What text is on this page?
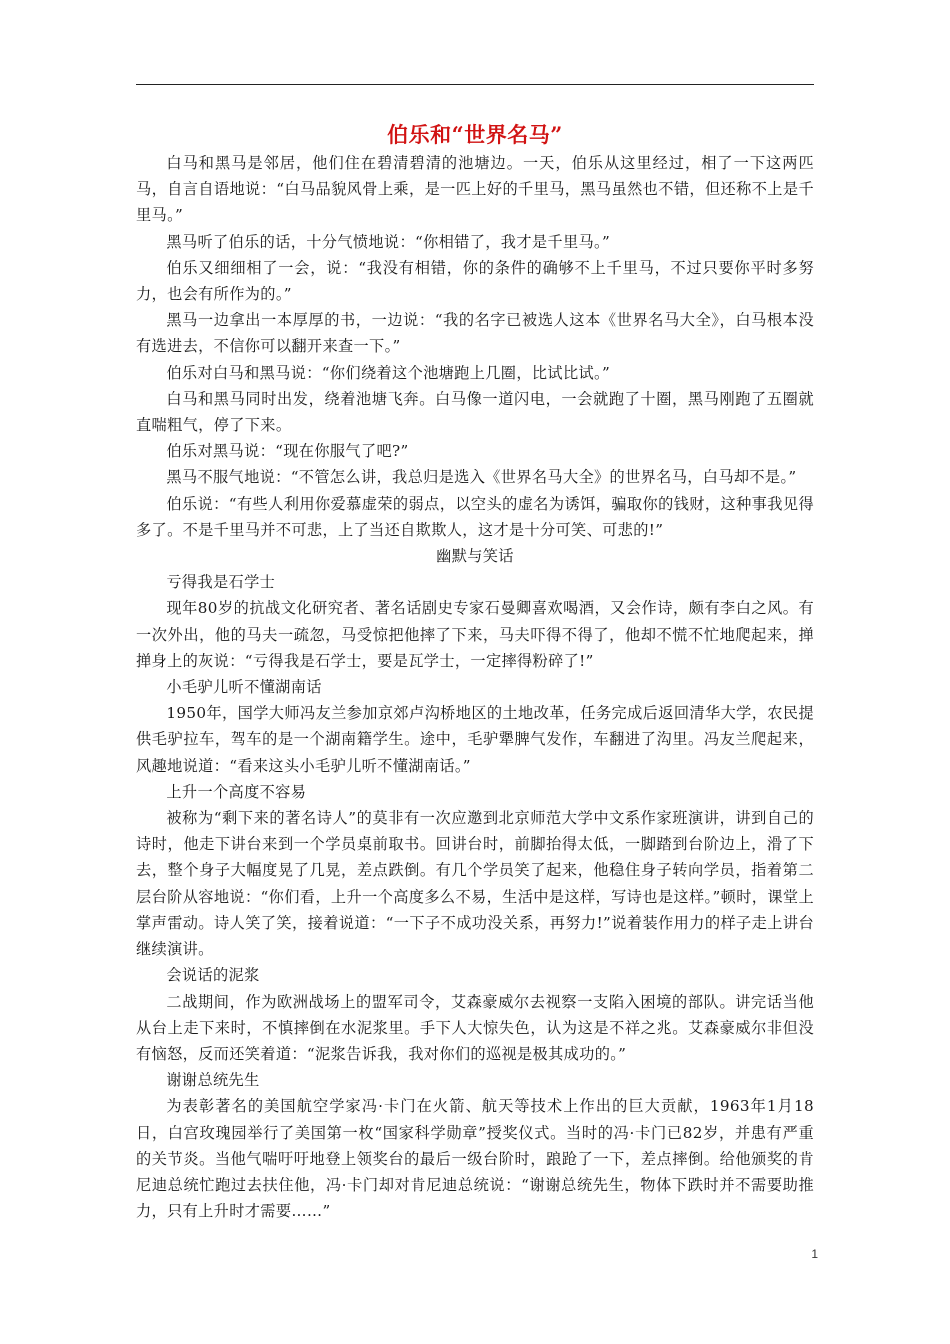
伯乐和“世界名马”

白马和黑马是邻居，他们住在碧清碧清的池塘边。一天，伯乐从这里经过，相了一下这两匹马，自言自语地说：“白马品貌风骨上乘，是一匹上好的千里马，黑马虽然也不错，但还称不上是千里马。”

黑马听了伯乐的话，十分气愤地说：“你相错了，我才是千里马。”

伯乐又细细相了一会，说：“我没有相错，你的条件的确够不上千里马，不过只要你平时多努力，也会有所作为的。”

黑马一边拿出一本厚厚的书，一边说：“我的名字已被选人这本《世界名马大全》，白马根本没有选进去，不信你可以翻开来查一下。”

伯乐对白马和黑马说：“你们绕着这个池塘跑上几圈，比试比试。”

白马和黑马同时出发，绕着池塘飞奔。白马像一道闪电，一会就跑了十圈，黑马刚跑了五圈就直喘粗气，停了下来。

伯乐对黑马说：“现在你服气了吧?”

黑马不服气地说：“不管怎么讲，我总归是选入《世界名马大全》的世界名马，白马却不是。”

伯乐说：“有些人利用你爱慕虚荣的弱点，以空头的虚名为诱饵，骗取你的钱财，这种事我见得多了。不是千里马并不可悲，上了当还自欺欺人，这才是十分可笑、可悲的!”

幽默与笑话

亏得我是石学士

现年80岁的抗战文化研究者、著名话剧史专家石曼卿喜欢喝酒，又会作诗，颇有李白之风。有一次外出，他的马夫一疏忽，马受惊把他摔了下来，马夫吓得不得了，他却不慌不忙地爬起来，掸掸身上的灰说：“亏得我是石学士，要是瓦学士，一定摔得粉碎了!”

小毛驴儿听不懂湖南话

1950年，国学大师冯友兰参加京郊卢沟桥地区的土地改革，任务完成后返回清华大学，农民提供毛驴拉车，驾车的是一个湖南籍学生。途中，毛驴犟脾气发作，车翻进了沟里。冯友兰爬起来，风趣地说道：“看来这头小毛驴儿听不懂湖南话。”

上升一个高度不容易

被称为“剩下来的著名诗人”的莫非有一次应邀到北京师范大学中文系作家班演讲，讲到自己的诗时，他走下讲台来到一个学员桌前取书。回讲台时，前脚抬得太低，一脚踏到台阶边上，滑了下去，整个身子大幅度晃了几晃，差点跌倒。有几个学员笑了起来，他稳住身子转向学员，指着第二层台阶从容地说：“你们看，上升一个高度多么不易，生活中是这样，写诗也是这样。”顿时，课堂上掌声雷动。诗人笑了笑，接着说道：“一下子不成功没关系，再努力!”说着装作用力的样子走上讲台继续演讲。

会说话的泥浆

二战期间，作为欧洲战场上的盟军司令，艾森豪威尔去视察一支陷入困境的部队。讲完话当他从台上走下来时，不慎摔倒在水泥浆里。手下人大惊失色，认为这是不祥之兆。艾森豪威尔非但没有恼怒，反而还笑着道：“泥浆告诉我，我对你们的巡视是极其成功的。”

谢谢总统先生

为表彰著名的美国航空学家冯·卡门在火箭、航天等技术上作出的巨大贡献，1963年1月18日，白宫玫瑰园举行了美国第一枚“国家科学勋章”授奖仪式。当时的冯·卡门已82岁，并患有严重的关节炎。当他气喘吁吁地登上领奖台的最后一级台阶时，踉跄了一下，差点摔倒。给他颁奖的肯尼迪总统忙跑过去扶住他，冯·卡门却对肯尼迪总统说：“谢谢总统先生，物体下跌时并不需要助推力，只有上升时才需要……”

1
